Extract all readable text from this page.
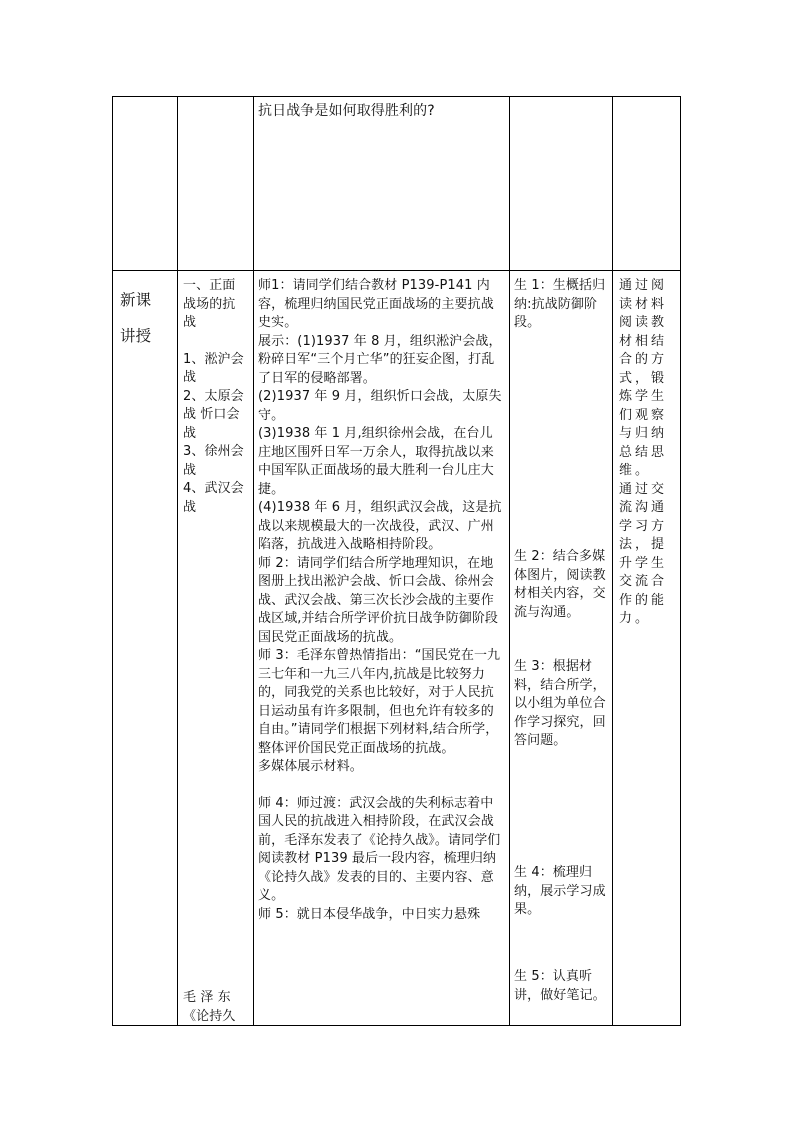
抗日战争是如何取得胜利的?

新课

讲授

一、正面

战场的抗

战

1、淞沪会

战

2、太原会

战 忻口会

战

3、徐州会

战

4、武汉会

战

毛 泽 东

《论持久

师1：请同学们结合教材 P139-P141 内容，梳理归纳国民党正面战场的主要抗战史实。

展示：(1)1937 年 8 月，组织淞沪会战，粉碎日军“三个月亡华”的狂妄企图，打乱了日军的侵略部署。

(2)1937 年 9 月，组织忻口会战，太原失守。

(3)1938 年 1 月,组织徐州会战，在台儿庄地区围歼日军一万余人，取得抗战以来中国军队正面战场的最大胜利一台儿庄大捷。

(4)1938 年 6 月，组织武汉会战，这是抗战以来规模最大的一次战役，武汉、广州陷落，抗战进入战略相持阶段。

师 2：请同学们结合所学地理知识，在地图册上找出淞沪会战、忻口会战、徐州会战、武汉会战、第三次长沙会战的主要作战区域,并结合所学评价抗日战争防御阶段国民党正面战场的抗战。

师 3：毛泽东曾热情指出：“国民党在一九三七年和一九三八年内,抗战是比较努力的，同我党的关系也比较好，对于人民抗日运动虽有许多限制，但也允许有较多的自由。”请同学们根据下列材料,结合所学，整体评价国民党正面战场的抗战。

多媒体展示材料。

师 4：师过渡：武汉会战的失利标志着中国人民的抗战进入相持阶段，在武汉会战前，毛泽东发表了《论持久战》。请同学们阅读教材 P139 最后一段内容，梳理归纳《论持久战》发表的目的、主要内容、意义。

师 5：就日本侵华战争，中日实力悬殊

生 1：生概括归纳:抗战防御阶段。
生 2：结合多媒体图片，阅读教材相关内容，交流与沟通。
生 3：根据材料，结合所学，以小组为单位合作学习探究，回答问题。
生 4：梳理归纳，展示学习成果。
生 5：认真听讲，做好笔记。

通过阅读材料阅读教材相结合的方式，锻炼学生们观察与归纳总结思维。

通过交流沟通学习方法，提升学生交流合作的能力。
